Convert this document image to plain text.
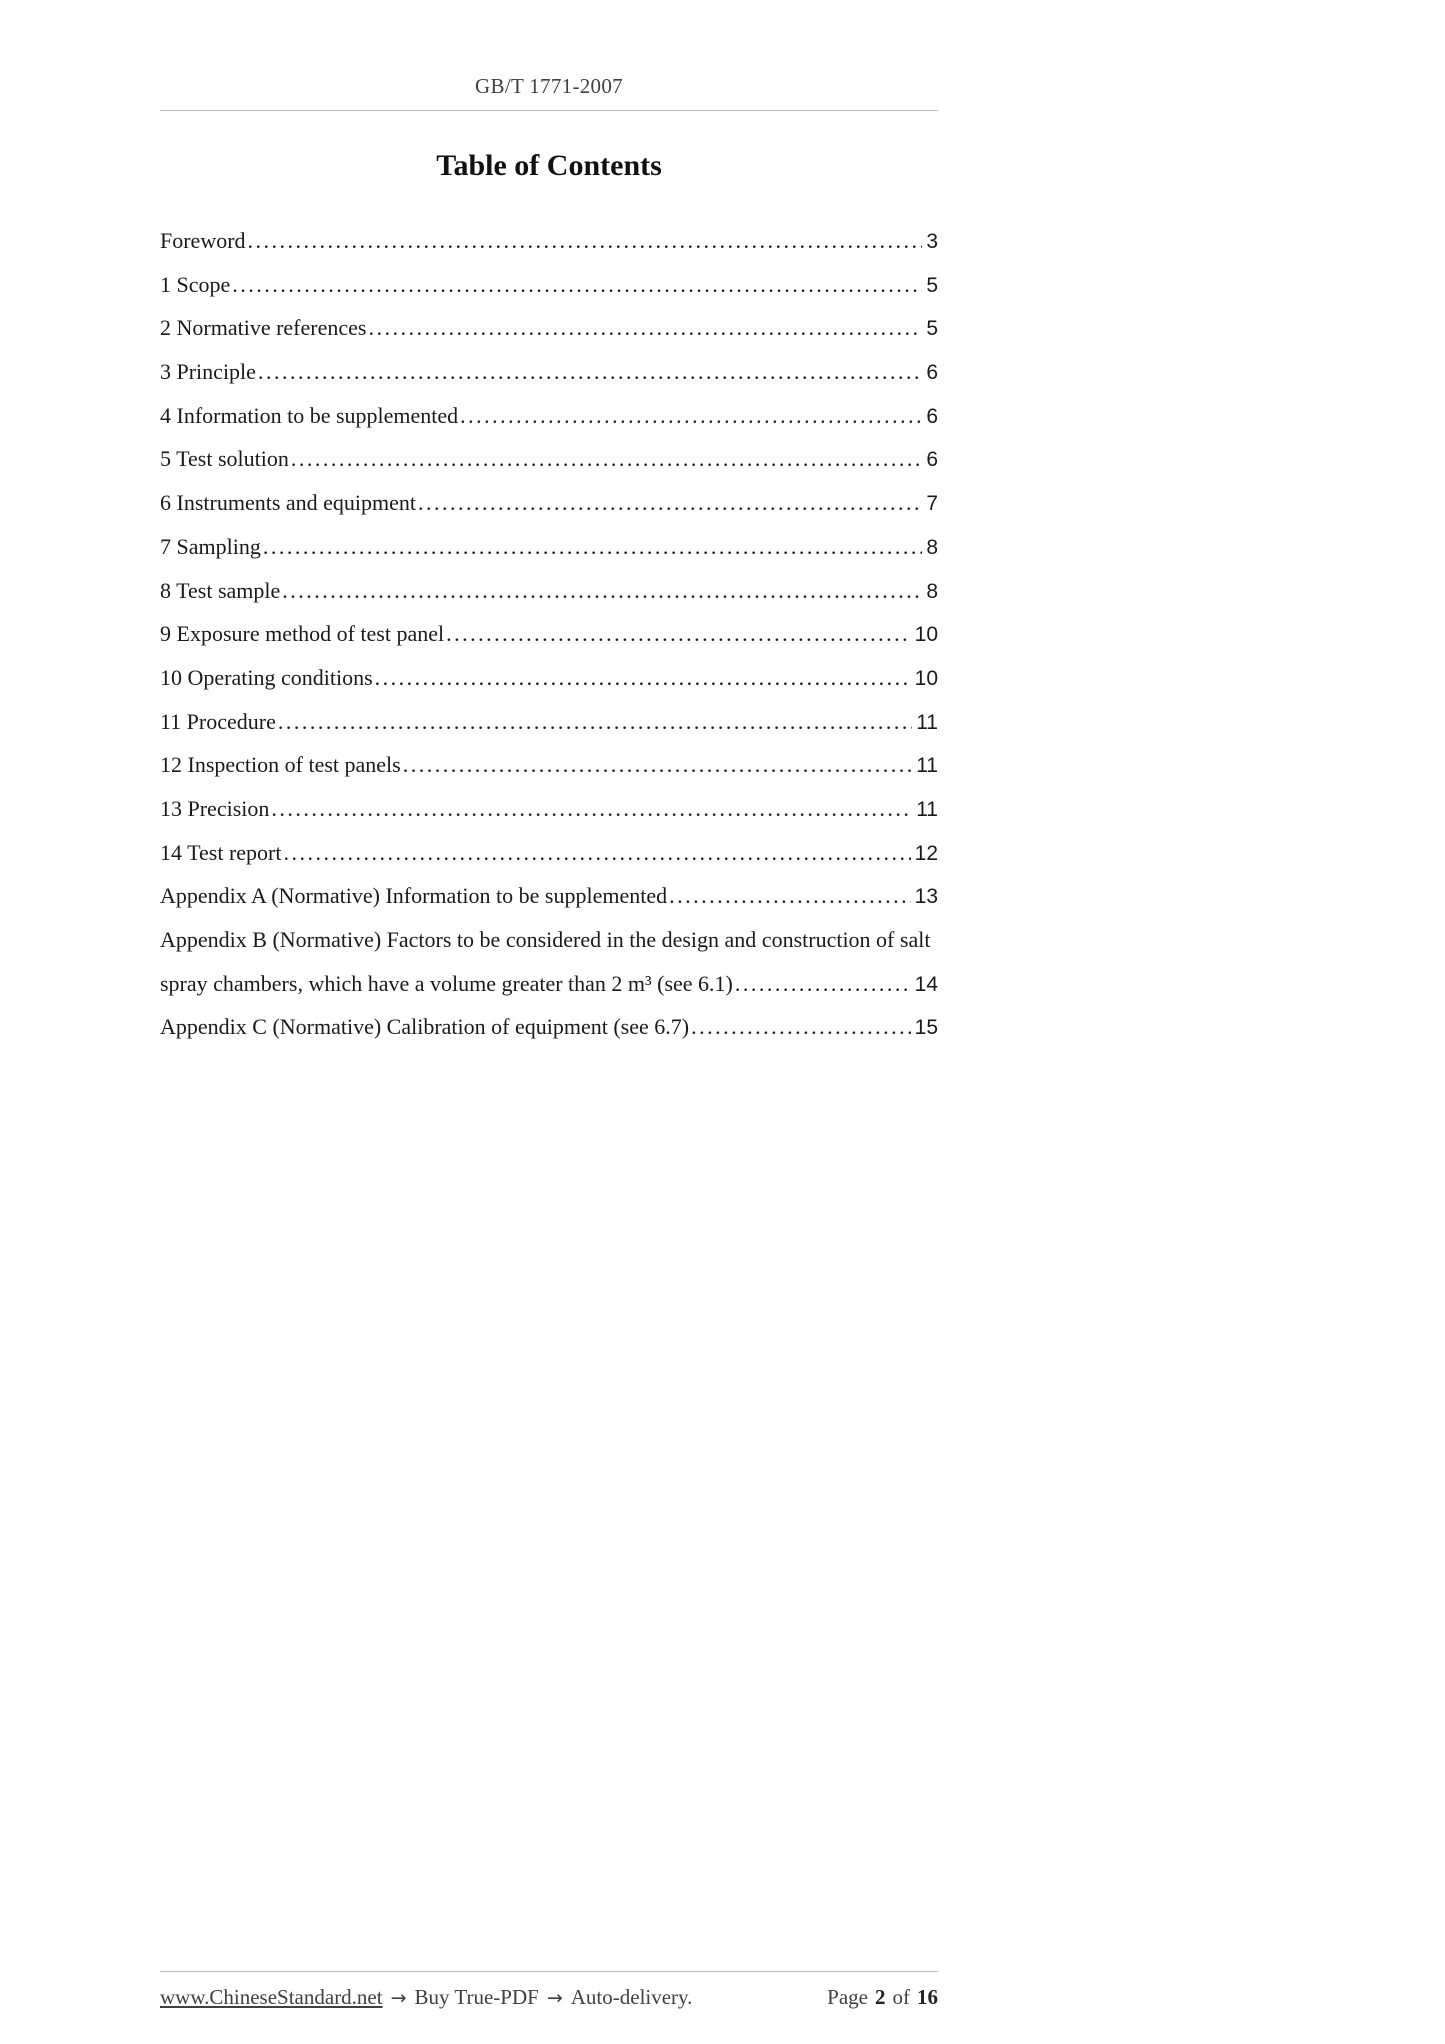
GB/T 1771-2007
Table of Contents
Foreword .....	3
1 Scope .....	5
2 Normative references .....	5
3 Principle .....	6
4 Information to be supplemented .....	6
5 Test solution .....	6
6 Instruments and equipment .....	7
7 Sampling .....	8
8 Test sample .....	8
9 Exposure method of test panel .....	10
10 Operating conditions .....	10
11 Procedure .....	11
12 Inspection of test panels .....	11
13 Precision .....	11
14 Test report .....	12
Appendix A (Normative) Information to be supplemented .....	13
Appendix B (Normative) Factors to be considered in the design and construction of salt
spray chambers, which have a volume greater than 2 m³ (see 6.1) .....	14
Appendix C (Normative) Calibration of equipment (see 6.7) .....	15
www.ChineseStandard.net → Buy True-PDF → Auto-delivery.	Page 2 of 16
